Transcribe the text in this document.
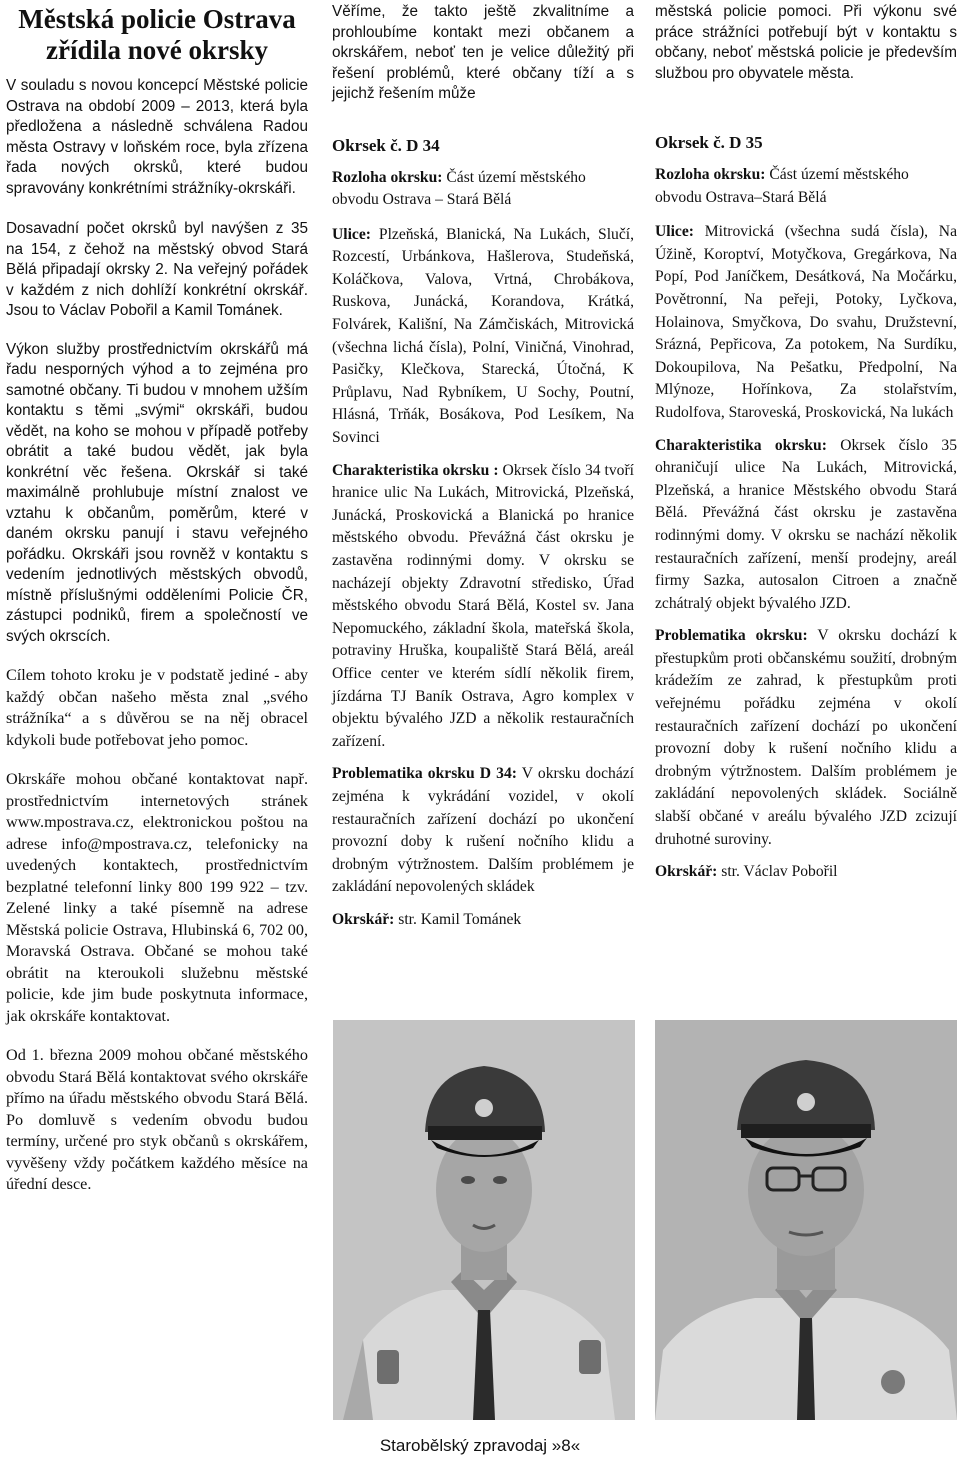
Městská policie Ostrava
zřídila nové okrsky

V souladu s novou koncepcí Městské policie Ostrava na období 2009 – 2013, která byla předložena a následně schválena Radou města Ostravy v loňském roce, byla zřízena řada nových okrsků, které budou spravovány konkrétními strážníky-okrskáři.

Dosavadní počet okrsků byl navýšen z 35 na 154, z čehož na městský obvod Stará Bělá připadají okrsky 2. Na veřejný pořádek v každém z nich dohlíží konkrétní okrskář. Jsou to Václav Pobořil a Kamil Tománek.

Výkon služby prostřednictvím okrskářů má řadu nesporných výhod a to zejména pro samotné občany. Ti budou v mnohem užším kontaktu s těmi „svými“ okrskáři, budou vědět, na koho se mohou v případě potřeby obrátit a také budou vědět, jak byla konkrétní věc řešena. Okrskář si také maximálně prohlubuje místní znalost ve vztahu k občanům, poměrům, které v daném okrsku panují i stavu veřejného pořádku. Okrskáři jsou rovněž v kontaktu s vedením jednotlivých městských obvodů, místně příslušnými odděleními Policie ČR, zástupci podniků, firem a společností ve svých okrscích.

Cílem tohoto kroku je v podstatě jediné - aby každý občan našeho města znal „svého strážníka“ a s důvěrou se na něj obracel kdykoli bude potřebovat jeho pomoc.

Okrskáře mohou občané kontaktovat např. prostřednictvím internetových stránek www.mpostrava.cz, elektronickou poštou na adrese info@mpostrava.cz, telefonicky na uvedených kontaktech, prostřednictvím bezplatné telefonní linky 800 199 922 – tzv. Zelené linky a také písemně na adrese Městská policie Ostrava, Hlubinská 6, 702 00, Moravská Ostrava. Občané se mohou také obrátit na kteroukoli služebnu městské policie, kde jim bude poskytnuta informace, jak okrskáře kontaktovat.

Od 1. března 2009 mohou občané městského obvodu Stará Bělá kontaktovat svého okrskáře přímo na úřadu městského obvodu Stará Bělá. Po domluvě s vedením obvodu budou termíny, určené pro styk občanů s okrskářem, vyvěšeny vždy počátkem každého měsíce na úřední desce.

Věříme, že takto ještě zkvalitníme a prohloubíme kontakt mezi občanem a okrskářem, neboť ten je velice důležitý při řešení problémů, které občany tíží a s jejichž řešením může

Okrsek č. D 34

Rozloha okrsku: Část území městského obvodu Ostrava – Stará Bělá

Ulice: Plzeňská, Blanická, Na Lukách, Slučí, Rozcestí, Urbánkova, Hašlerova, Studeňská, Koláčkova, Valova, Vrtná, Chrobákova, Ruskova, Junácká, Korandova, Krátká, Folvárek, Kališní, Na Zámčiskách, Mitrovická (všechna lichá čísla), Polní, Viničná, Vinohrad, Pasičky, Klečkova, Starecká, Útočná, K Průplavu, Nad Rybníkem, U Sochy, Poutní, Hlásná, Trňák, Bosákova, Pod Lesíkem, Na Sovinci

Charakteristika okrsku : Okrsek číslo 34 tvoří hranice ulic Na Lukách, Mitrovická, Plzeňská, Junácká, Proskovická a Blanická po hranice městského obvodu. Převážná část okrsku je zastavěna rodinnými domy. V okrsku se nacházejí objekty Zdravotní středisko, Úřad městského obvodu Stará Bělá, Kostel sv. Jana Nepomuckého, základní škola, mateřská škola, potraviny Hruška, koupaliště Stará Bělá, areál Office center ve kterém sídlí několik firem, jízdárna TJ Baník Ostrava, Agro komplex v objektu bývalého JZD a několik restauračních zařízení.

Problematika okrsku D 34: V okrsku dochází zejména k vykrádání vozidel, v okolí restauračních zařízení dochází po ukončení provozní doby k rušení nočního klidu a drobným výtržnostem. Dalším problémem je zakládání nepovolených skládek

Okrskář: str. Kamil Tománek

městská policie pomoci. Při výkonu své práce strážníci potřebují být v kontaktu s občany, neboť městská policie je především službou pro obyvatele města.

Okrsek č. D 35

Rozloha okrsku: Část území městského obvodu Ostrava–Stará Bělá

Ulice: Mitrovická (všechna sudá čísla), Na Úžině, Koroptví, Motyčkova, Gregárkova, Na Popí, Pod Janíčkem, Desátková, Na Močárku, Povětronní, Na peřeji, Potoky, Lyčkova, Holainova, Smyčkova, Do svahu, Družstevní, Srázná, Pepřicova, Za potokem, Na Surdíku, Dokoupilova, Na Pešatku, Předpolní, Na Mlýnoze, Hořínkova, Za stolařstvím, Rudolfova, Staroveská, Proskovická, Na lukách

Charakteristika okrsku: Okrsek číslo 35 ohraničují ulice Na Lukách, Mitrovická, Plzeňská, a hranice Městského obvodu Stará Bělá. Převážná část okrsku je zastavěna rodinnými domy. V okrsku se nachází několik restauračních zařízení, menší prodejny, areál firmy Sazka, autosalon Citroen a značně zchátralý objekt bývalého JZD.

Problematika okrsku: V okrsku dochází k přestupkům proti občanskému soužití, drobným krádežím ze zahrad, k přestupkům proti veřejnému pořádku zejména v okolí restauračních zařízení dochází po ukončení provozní doby k rušení nočního klidu a drobným výtržnostem. Dalším problémem je zakládání nepovolených skládek. Sociálně slabší občané v areálu bývalého JZD zcizují druhotné suroviny.

Okrskář: str. Václav Pobořil

Starobělský zpravodaj »8«
